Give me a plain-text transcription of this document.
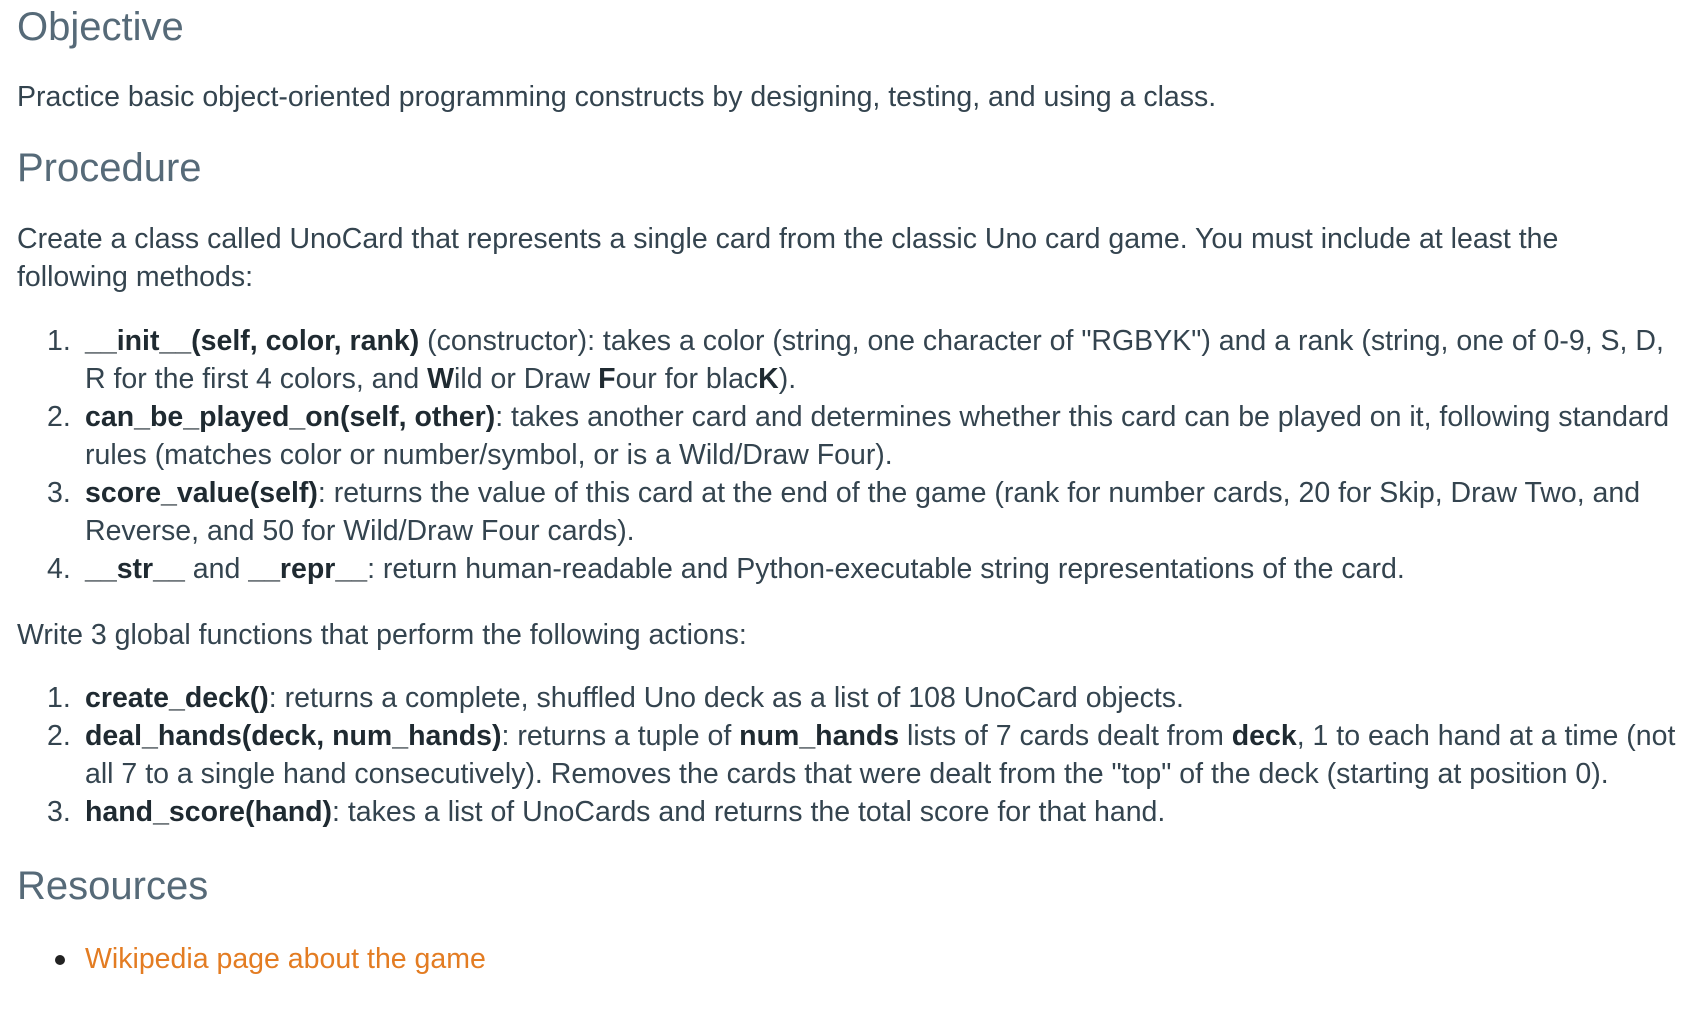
Objective

Practice basic object-oriented programming constructs by designing, testing, and using a class.

Procedure

Create a class called UnoCard that represents a single card from the classic Uno card game. You must include at least the following methods:

1. __init__(self, color, rank) (constructor): takes a color (string, one character of "RGBYK") and a rank (string, one of 0-9, S, D, R for the first 4 colors, and Wild or Draw Four for blacK).
2. can_be_played_on(self, other): takes another card and determines whether this card can be played on it, following standard rules (matches color or number/symbol, or is a Wild/Draw Four).
3. score_value(self): returns the value of this card at the end of the game (rank for number cards, 20 for Skip, Draw Two, and Reverse, and 50 for Wild/Draw Four cards).
4. __str__ and __repr__: return human-readable and Python-executable string representations of the card.

Write 3 global functions that perform the following actions:

1. create_deck(): returns a complete, shuffled Uno deck as a list of 108 UnoCard objects.
2. deal_hands(deck, num_hands): returns a tuple of num_hands lists of 7 cards dealt from deck, 1 to each hand at a time (not all 7 to a single hand consecutively). Removes the cards that were dealt from the "top" of the deck (starting at position 0).
3. hand_score(hand): takes a list of UnoCards and returns the total score for that hand.
Resources
Wikipedia page about the game
